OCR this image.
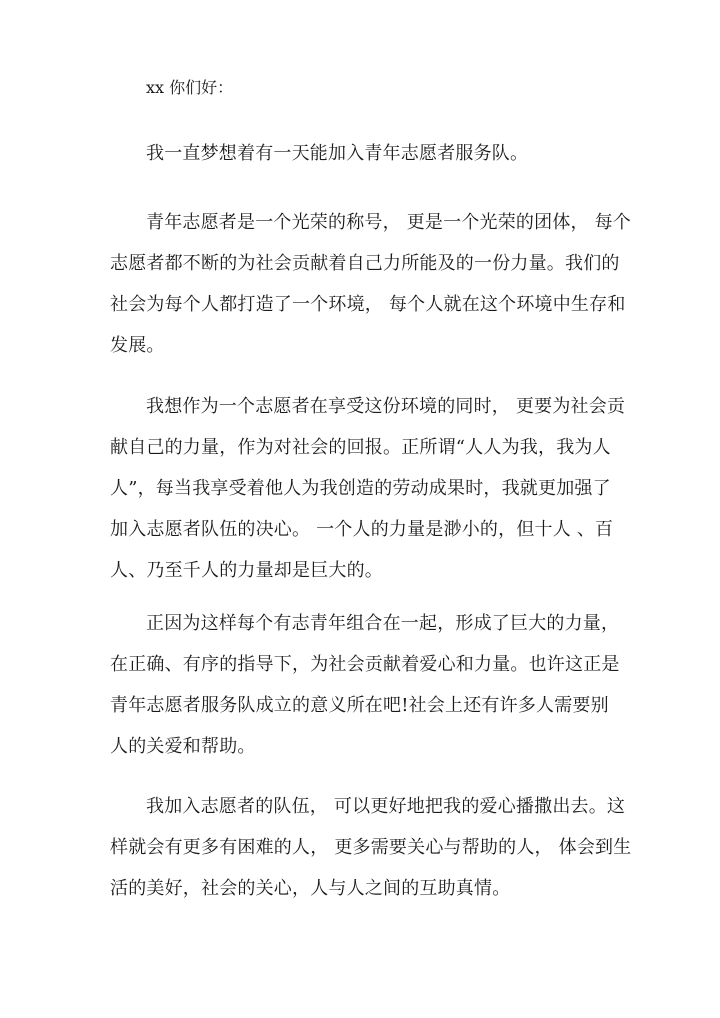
xx 你们好：
我一直梦想着有一天能加入青年志愿者服务队。
青年志愿者是一个光荣的称号， 更是一个光荣的团体， 每个
志愿者都不断的为社会贡献着自己力所能及的一份力量。我们的
社会为每个人都打造了一个环境， 每个人就在这个环境中生存和
发展。
我想作为一个志愿者在享受这份环境的同时， 更要为社会贡
献自己的力量，作为对社会的回报。正所谓“人人为我，我为人
人”，每当我享受着他人为我创造的劳动成果时，我就更加强了
加入志愿者队伍的决心。 一个人的力量是渺小的，但十人 、百
人、乃至千人的力量却是巨大的。
正因为这样每个有志青年组合在一起，形成了巨大的力量，
在正确、有序的指导下，为社会贡献着爱心和力量。也许这正是
青年志愿者服务队成立的意义所在吧!社会上还有许多人需要别
人的关爱和帮助。
我加入志愿者的队伍， 可以更好地把我的爱心播撒出去。这
样就会有更多有困难的人， 更多需要关心与帮助的人， 体会到生
活的美好，社会的关心，人与人之间的互助真情。
